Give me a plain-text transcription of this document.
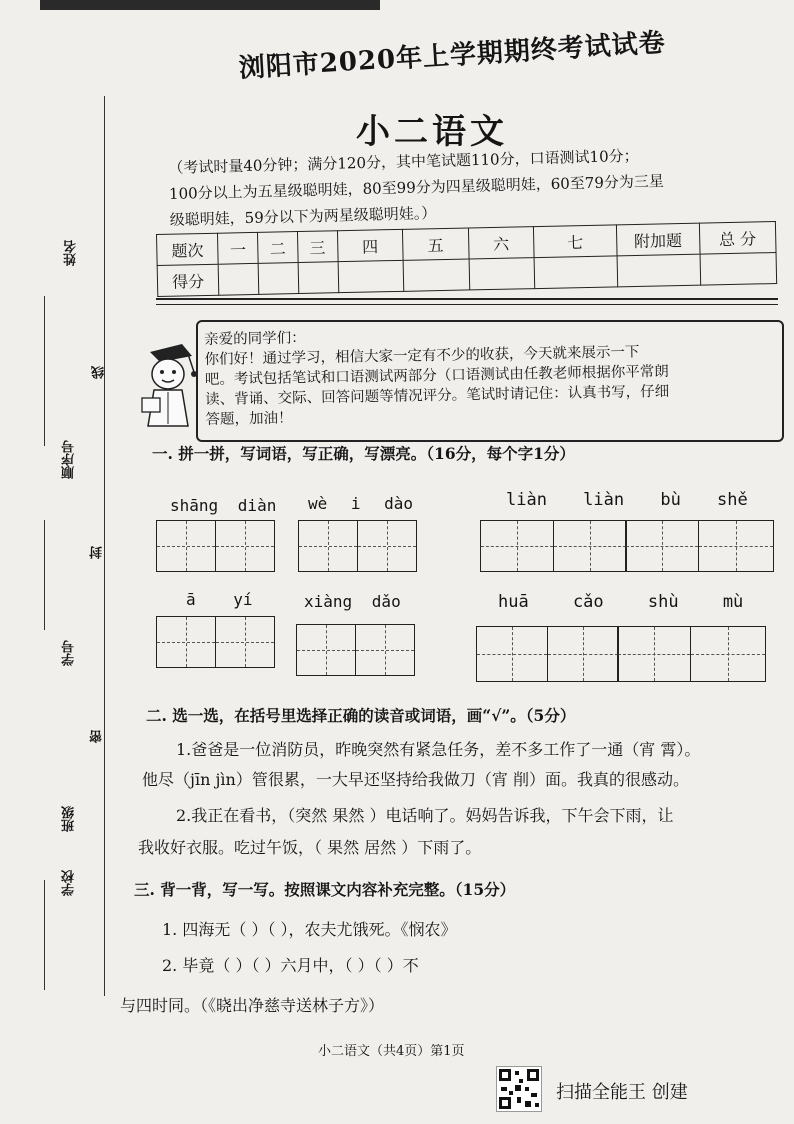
姓名
线
顺序号
封
学号
密
班级
学校
浏阳市2020年上学期期终考试试卷
小二语文
（考试时量40分钟；满分120分，其中笔试题110分，口语测试10分；
100分以上为五星级聪明娃，80至99分为四星级聪明娃，60至79分为三星
级聪明娃，59分以下为两星级聪明娃。）
题次	一	二	三	四	五	六	七	附加题	总 分
得分									
亲爱的同学们：
你们好！通过学习，相信大家一定有不少的收获，今天就来展示一下
吧。考试包括笔试和口语测试两部分（口语测试由任教老师根据你平常朗
读、背诵、交际、回答问题等情况评分。笔试时请记住：认真书写，仔细
答题，加油！
一. 拼一拼，写词语，写正确，写漂亮。（16分，每个字1分）
shāng diàn wè i dào	liàn liàn bù shě
ā yí	xiàng dǎo	huā cǎo shù mù
二. 选一选，在括号里选择正确的读音或词语，画“√”。（5分）
1.爸爸是一位消防员，昨晚突然有紧急任务，差不多工作了一通（宵 霄）。
他尽（jīn jìn）管很累，一大早还坚持给我做刀（宵 削）面。我真的很感动。
2.我正在看书，（突然 果然 ）电话响了。妈妈告诉我，下午会下雨，让
我收好衣服。吃过午饭，（ 果然 居然 ）下雨了。
三. 背一背，写一写。按照课文内容补充完整。（15分）
1. 四海无（ ）（ ），农夫尤饿死。《悯农》
2. 毕竟（ ）（ ）六月中，（ ）（ ）不
与四时同。（《晓出净慈寺送林子方》）
小二语文（共4页）第1页
扫描全能王 创建
